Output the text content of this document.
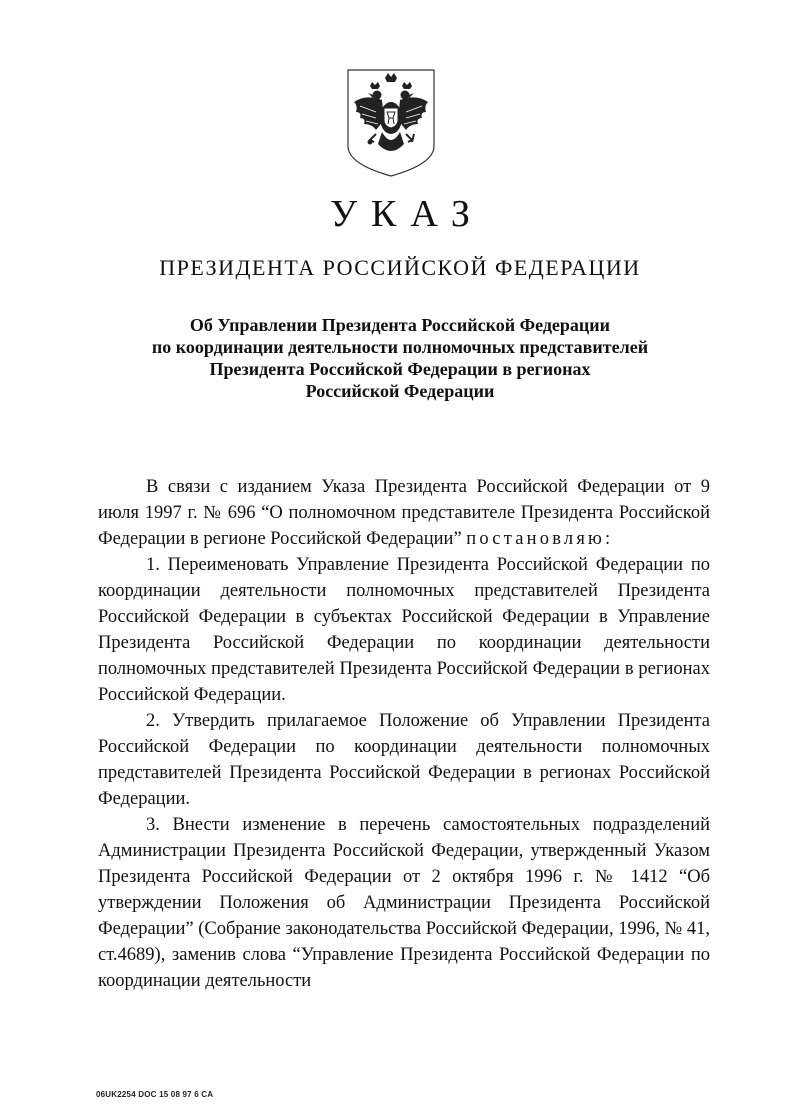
УКАЗ
ПРЕЗИДЕНТА РОССИЙСКОЙ ФЕДЕРАЦИИ
Об Управлении Президента Российской Федерации
по координации деятельности полномочных представителей
Президента Российской Федерации в регионах
Российской Федерации

В связи с изданием Указа Президента Российской Федерации от 9 июля 1997 г. № 696 “О полномочном представителе Президента Российской Федерации в регионе Российской Федерации” постановляю:

1. Переименовать Управление Президента Российской Федерации по координации деятельности полномочных представителей Президента Российской Федерации в субъектах Российской Федерации в Управление Президента Российской Федерации по координации деятельности полномочных представителей Президента Российской Федерации в регионах Российской Федерации.

2. Утвердить прилагаемое Положение об Управлении Президента Российской Федерации по координации деятельности полномочных представителей Президента Российской Федерации в регионах Российской Федерации.

3. Внести изменение в перечень самостоятельных подразделений Администрации Президента Российской Федерации, утвержденный Указом Президента Российской Федерации от 2 октября 1996 г. № 1412 “Об утверждении Положения об Администрации Президента Российской Федерации” (Собрание законодательства Российской Федерации, 1996, № 41, ст.4689), заменив слова “Управление Президента Российской Федерации по координации деятельности

06UK2254 DOC 15 08 97 6 CA
